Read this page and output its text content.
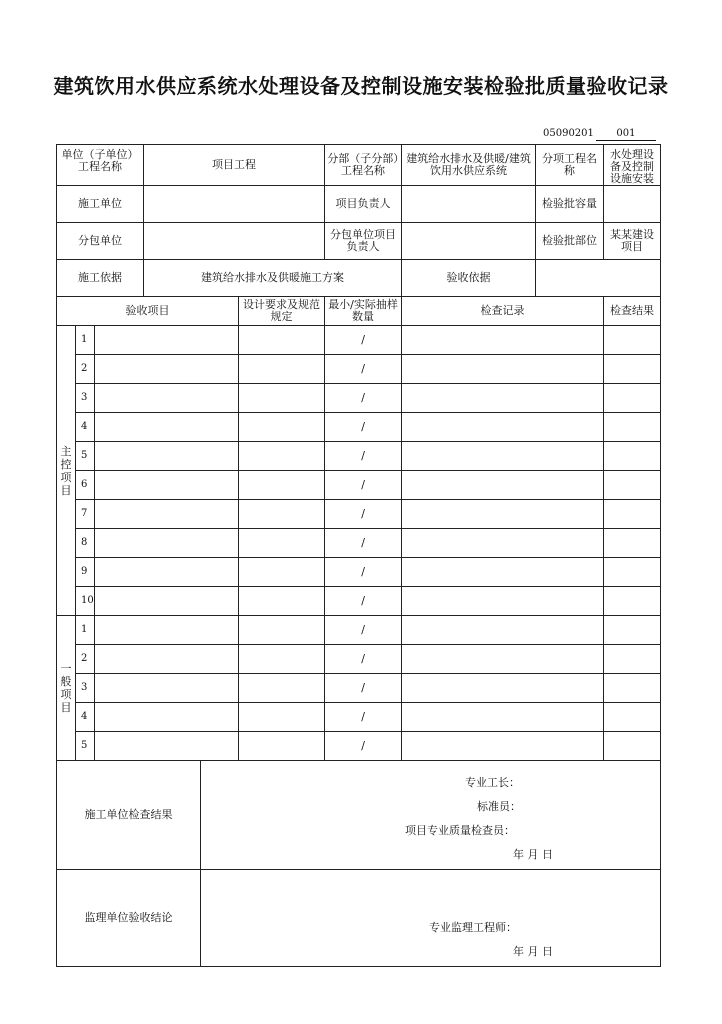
建筑饮用水供应系统水处理设备及控制设施安装检验批质量验收记录
05090201 001
单位（子单位）工程名称			项目工程			分部（子分部）工程名称	建筑给水排水及供暖/建筑饮用水供应系统	分项工程名称	水处理设备及控制设施安装
施工单位						项目负责人		检验批容量	
分包单位						分包单位项目负责人		检验批部位	某某建设项目
施工依据			建筑给水排水及供暖施工方案				验收依据		
验收项目					设计要求及规范规定	最小/实际抽样数量	检查记录		检查结果
主控项目	1					/			
	2					/			
	3					/			
	4					/			
	5					/			
	6					/			
	7					/			
	8					/			
	9					/			
	10					/			
一般项目	1					/			
	2					/			
	3					/			
	4					/			
	5					/			
施工单位检查结果				专业工长：
标准员：
项目专业质量检查员：
年 月 日					

监理单位验收结论				专业监理工程师：
年 月 日					
